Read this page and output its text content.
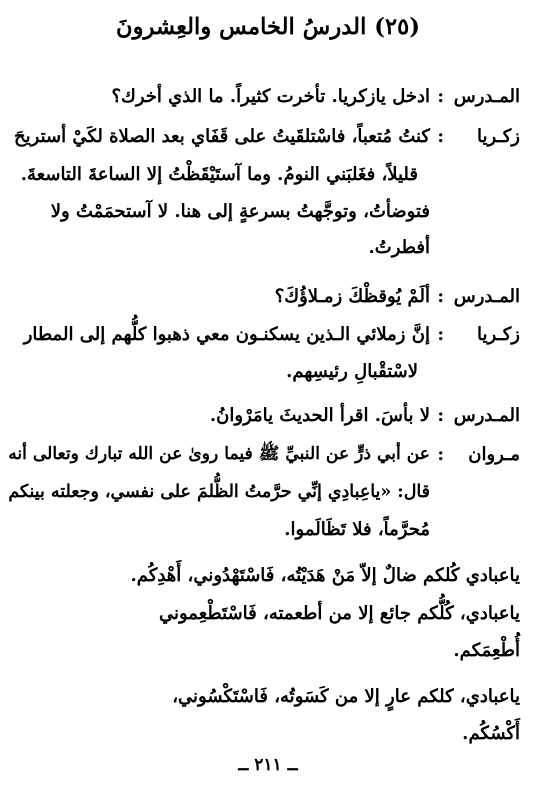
(٢٥) الدرسُ الخامس والعِشرونَ
المـدرس
:
ادخل يازكريا. تأخرت كثيراً. ما الذي أخرك؟
زكـريا
:
كنتُ مُتعباً، فاسْتلقَيتُ على قَفَاي بعد الصلاة لكَيْ أستريحَ
قليلاً، فغَلبَني النومُ. وما آستَيْقَظْتُ إلا الساعةَ التاسعةَ.
فتوضأتُ، وتوجَّهتُ بسرعةٍ إلى هنا. لا آستحمَمْتُ ولا
أفطرتُ.
المـدرس
:
ألَمْ يُوقظْكَ زمـلاؤُكَ؟
زكـريا
:
إنَّ زملائي الـذين يسكنـون معي ذهبوا كلُّهم إلى المطار
لاسْتقْبالِ رئيسِهم.
المـدرس
:
لا بأسَ. اقرأ الحديثَ يامَرْوانُ.
مـروان
:
عن أبي ذرٍّ عن النبيِّ ﷺ فيما روىٰ عن الله تبارك وتعالى أنه
قال: «ياعِبادِي إنِّي حرَّمتُ الظُّلمَ على نفسي، وجعلته بينكم
مُحرَّماً، فلا تَظَالَموا.
ياعبادي كُلكم ضالٌ إلاّ مَنْ هَدَيْتُه، فَاسْتَهْدُوني، أَهْدِكُم.
ياعبادي، كُلُّكم جائع إلا من أطعمته، فَاسْتَطْعِموني
أُطْعِمَكم.
ياعبادي، كلكم عارٍ إلا من كَسَوتُه، فَاسْتَكْسُوني،
أَكْسُكُم.
ــ ٢١١ ــ
